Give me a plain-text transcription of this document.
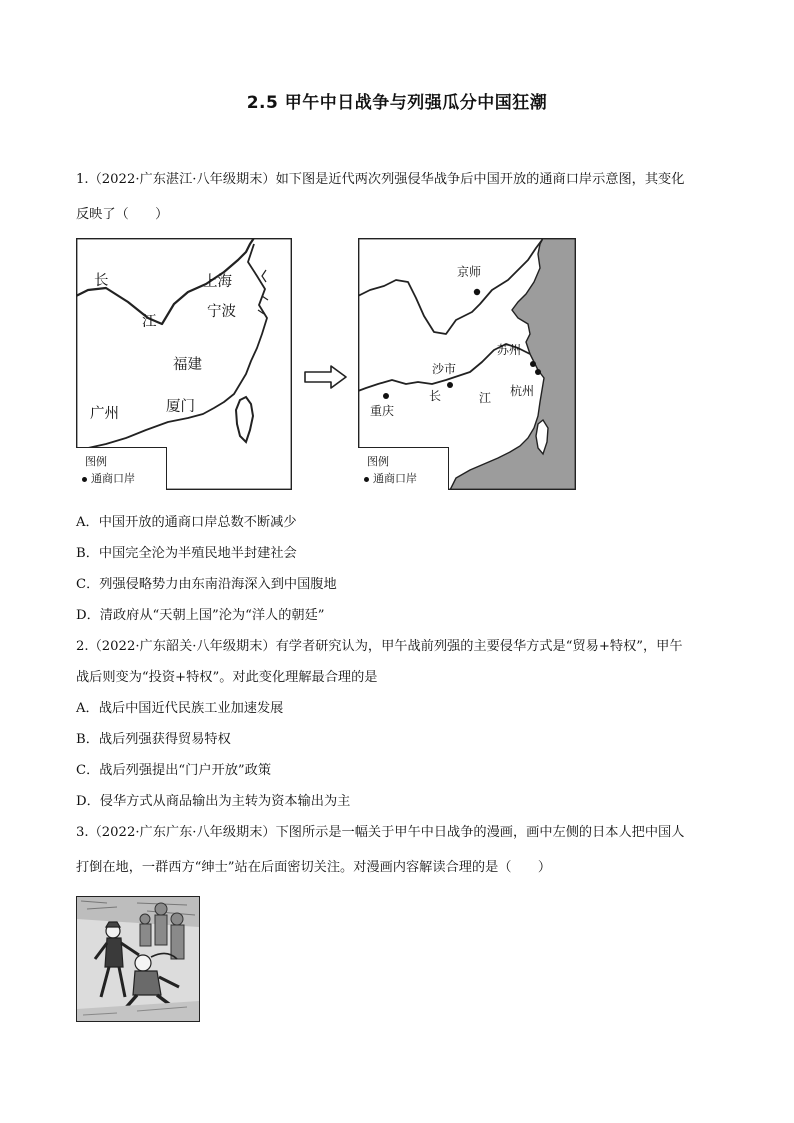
2.5 甲午中日战争与列强瓜分中国狂潮
1.（2022·广东湛江·八年级期末）如下图是近代两次列强侵华战争后中国开放的通商口岸示意图，其变化
反映了（　　）
长
江
上海
宁波
福建
厦门
广州
图例
通商口岸
京师
苏州
沙市
杭州
重庆
长	江
图例
通商口岸
A．中国开放的通商口岸总数不断减少
B．中国完全沦为半殖民地半封建社会
C．列强侵略势力由东南沿海深入到中国腹地
D．清政府从“天朝上国”沦为“洋人的朝廷”
2.（2022·广东韶关·八年级期末）有学者研究认为，甲午战前列强的主要侵华方式是“贸易+特权”，甲午
战后则变为“投资+特权”。对此变化理解最合理的是
A．战后中国近代民族工业加速发展
B．战后列强获得贸易特权
C．战后列强提出“门户开放”政策
D．侵华方式从商品输出为主转为资本输出为主
3.（2022·广东广东·八年级期末）下图所示是一幅关于甲午中日战争的漫画，画中左侧的日本人把中国人
打倒在地，一群西方“绅士”站在后面密切关注。对漫画内容解读合理的是（　　）
